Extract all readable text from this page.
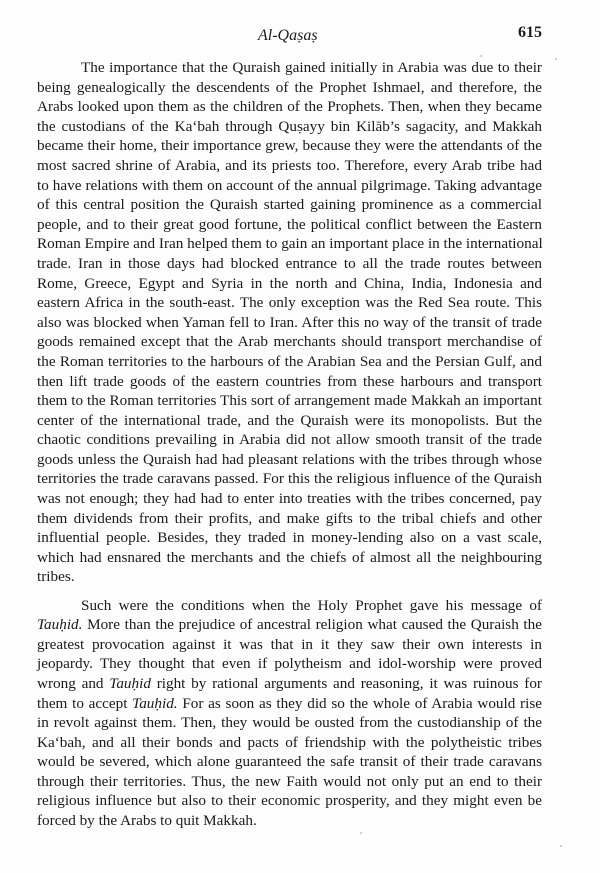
Al-Qaṣaṣ	615
The importance that the Quraish gained initially in Arabia was due to their
being genealogically the descendents of the Prophet Ishmael, and therefore, the
Arabs looked upon them as the children of the Prophets. Then, when they became
the custodians of the Ka‘bah through Quṣayy bin Kilāb’s sagacity, and Makkah
became their home, their importance grew, because they were the attendants of the
most sacred shrine of Arabia, and its priests too. Therefore, every Arab tribe had
to have relations with them on account of the annual pilgrimage. Taking advantage
of this central position the Quraish started gaining prominence as a commercial
people, and to their great good fortune, the political conflict between the Eastern
Roman Empire and Iran helped them to gain an important place in the international
trade. Iran in those days had blocked entrance to all the trade routes between
Rome, Greece, Egypt and Syria in the north and China, India, Indonesia and
eastern Africa in the south-east. The only exception was the Red Sea route. This
also was blocked when Yaman fell to Iran. After this no way of the transit of trade
goods remained except that the Arab merchants should transport merchandise of
the Roman territories to the harbours of the Arabian Sea and the Persian Gulf, and
then lift trade goods of the eastern countries from these harbours and transport
them to the Roman territories This sort of arrangement made Makkah an important
center of the international trade, and the Quraish were its monopolists. But the
chaotic conditions prevailing in Arabia did not allow smooth transit of the trade
goods unless the Quraish had had pleasant relations with the tribes through whose
territories the trade caravans passed. For this the religious influence of the Quraish
was not enough; they had had to enter into treaties with the tribes concerned, pay
them dividends from their profits, and make gifts to the tribal chiefs and other
influential people. Besides, they traded in money-lending also on a vast scale,
which had ensnared the merchants and the chiefs of almost all the neighbouring
tribes.
Such were the conditions when the Holy Prophet gave his message of
Tauḥid. More than the prejudice of ancestral religion what caused the Quraish the
greatest provocation against it was that in it they saw their own interests in
jeopardy. They thought that even if polytheism and idol-worship were proved
wrong and Tauḥid right by rational arguments and reasoning, it was ruinous for
them to accept Tauḥid. For as soon as they did so the whole of Arabia would rise
in revolt against them. Then, they would be ousted from the custodianship of the
Ka‘bah, and all their bonds and pacts of friendship with the polytheistic tribes
would be severed, which alone guaranteed the safe transit of their trade caravans
through their territories. Thus, the new Faith would not only put an end to their
religious influence but also to their economic prosperity, and they might even be
forced by the Arabs to quit Makkah.
